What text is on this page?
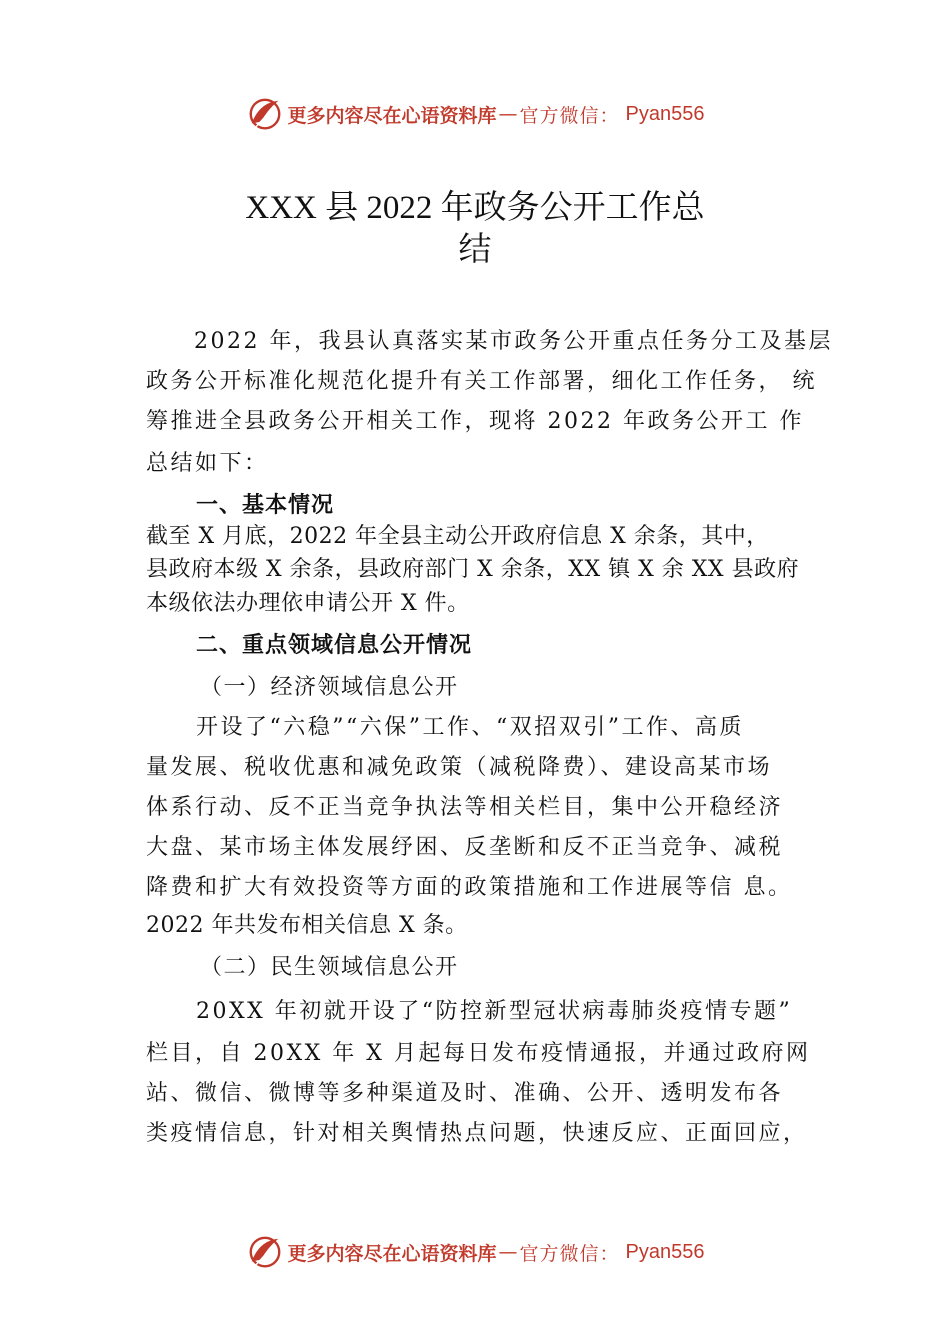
更多内容尽在心语资料库 — 官方微信： Pyan556
XXX 县 2022 年政务公开工作总
结
2022 年，我县认真落实某市政务公开重点任务分工及基层
政务公开标准化规范化提升有关工作部署，细化工作任务， 统
筹推进全县政务公开相关工作，现将 2022 年政务公开工 作
总结如下：
一、基本情况
截至 X 月底，2022 年全县主动公开政府信息 X 余条，其中，
县政府本级 X 余条，县政府部门 X 余条，XX 镇 X 余 XX 县政府
本级依法办理依申请公开 X 件。
二、重点领域信息公开情况
（一）经济领域信息公开
开设了“六稳”“六保”工作、“双招双引”工作、高质
量发展、税收优惠和减免政策（减税降费）、建设高某市场
体系行动、反不正当竞争执法等相关栏目，集中公开稳经济
大盘、某市场主体发展纾困、反垄断和反不正当竞争、减税
降费和扩大有效投资等方面的政策措施和工作进展等信 息。
2022 年共发布相关信息 X 条。
（二）民生领域信息公开
20XX 年初就开设了“防控新型冠状病毒肺炎疫情专题”
栏目，自 20XX 年 X 月起每日发布疫情通报，并通过政府网
站、微信、微博等多种渠道及时、准确、公开、透明发布各
类疫情信息，针对相关舆情热点问题，快速反应、正面回应，
更多内容尽在心语资料库 — 官方微信： Pyan556
